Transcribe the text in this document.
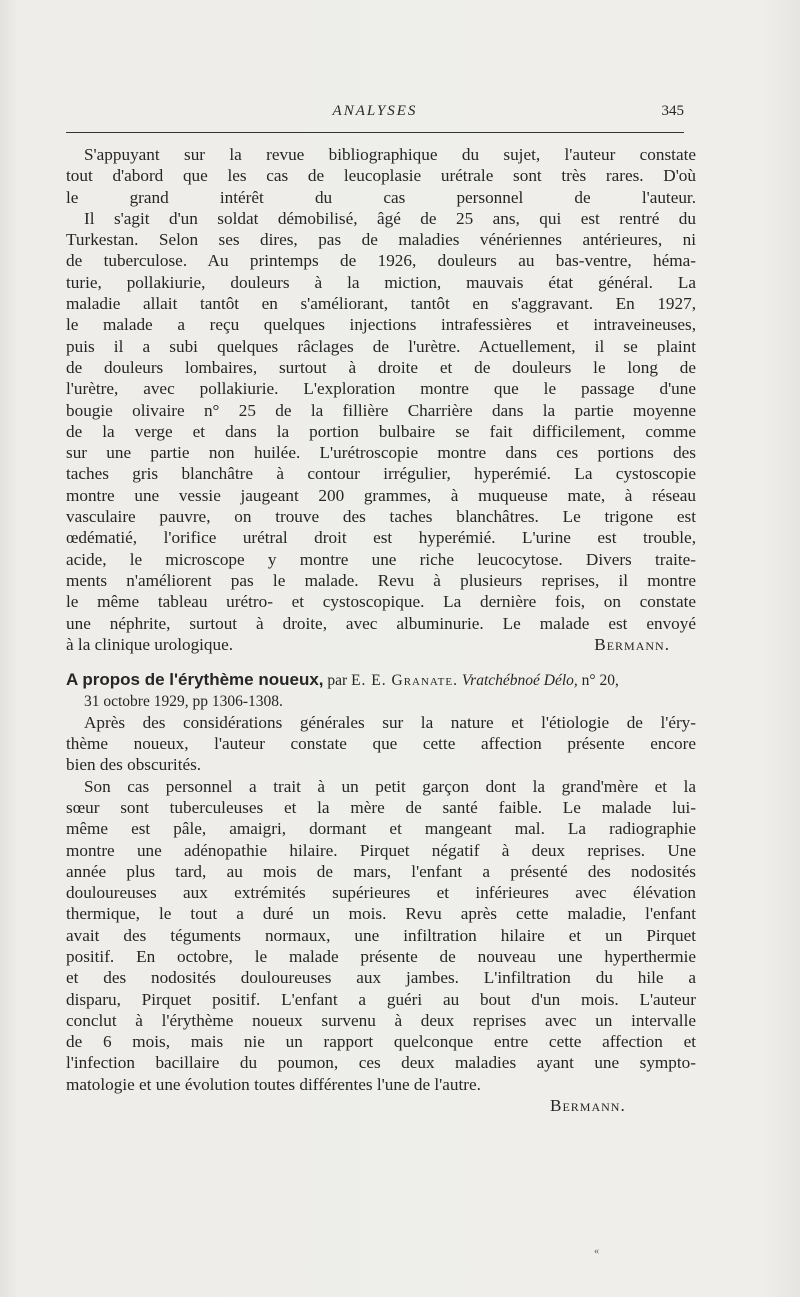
ANALYSES	345
S'appuyant sur la revue bibliographique du sujet, l'auteur constate
tout d'abord que les cas de leucoplasie urétrale sont très rares. D'où
le grand intérêt du cas personnel de l'auteur.
Il s'agit d'un soldat démobilisé, âgé de 25 ans, qui est rentré du
Turkestan. Selon ses dires, pas de maladies vénériennes antérieures, ni
de tuberculose. Au printemps de 1926, douleurs au bas-ventre, héma-
turie, pollakiurie, douleurs à la miction, mauvais état général. La
maladie allait tantôt en s'améliorant, tantôt en s'aggravant. En 1927,
le malade a reçu quelques injections intrafessières et intraveineuses,
puis il a subi quelques râclages de l'urètre. Actuellement, il se plaint
de douleurs lombaires, surtout à droite et de douleurs le long de
l'urètre, avec pollakiurie. L'exploration montre que le passage d'une
bougie olivaire n° 25 de la fillière Charrière dans la partie moyenne
de la verge et dans la portion bulbaire se fait difficilement, comme
sur une partie non huilée. L'urétroscopie montre dans ces portions des
taches gris blanchâtre à contour irrégulier, hyperémié. La cystoscopie
montre une vessie jaugeant 200 grammes, à muqueuse mate, à réseau
vasculaire pauvre, on trouve des taches blanchâtres. Le trigone est
œdématié, l'orifice urétral droit est hyperémié. L'urine est trouble,
acide, le microscope y montre une riche leucocytose. Divers traite-
ments n'améliorent pas le malade. Revu à plusieurs reprises, il montre
le même tableau urétro- et cystoscopique. La dernière fois, on constate
une néphrite, surtout à droite, avec albuminurie. Le malade est envoyé
à la clinique urologique.	Bermann.
A propos de l'érythème noueux, par E. E. Granate. Vratchébnoé Délo, n° 20,
31 octobre 1929, pp 1306-1308.
Après des considérations générales sur la nature et l'étiologie de l'éry-
thème noueux, l'auteur constate que cette affection présente encore
bien des obscurités.
Son cas personnel a trait à un petit garçon dont la grand'mère et la
sœur sont tuberculeuses et la mère de santé faible. Le malade lui-
même est pâle, amaigri, dormant et mangeant mal. La radiographie
montre une adénopathie hilaire. Pirquet négatif à deux reprises. Une
année plus tard, au mois de mars, l'enfant a présenté des nodosités
douloureuses aux extrémités supérieures et inférieures avec élévation
thermique, le tout a duré un mois. Revu après cette maladie, l'enfant
avait des téguments normaux, une infiltration hilaire et un Pirquet
positif. En octobre, le malade présente de nouveau une hyperthermie
et des nodosités douloureuses aux jambes. L'infiltration du hile a
disparu, Pirquet positif. L'enfant a guéri au bout d'un mois. L'auteur
conclut à l'érythème noueux survenu à deux reprises avec un intervalle
de 6 mois, mais nie un rapport quelconque entre cette affection et
l'infection bacillaire du poumon, ces deux maladies ayant une sympto-
matologie et une évolution toutes différentes l'une de l'autre.
Bermann.
«
